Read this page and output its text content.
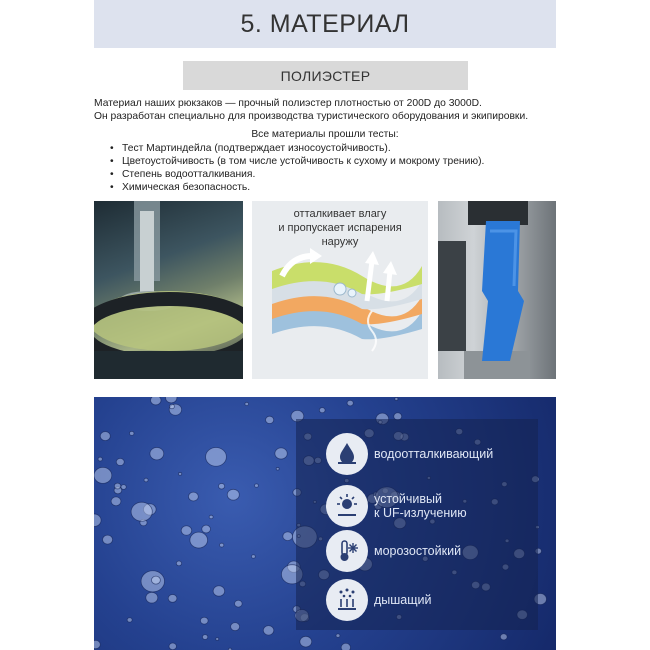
5. МАТЕРИАЛ
ПОЛИЭСТЕР
Материал наших рюкзаков — прочный полиэстер плотностью от 200D до 3000D.
Он разработан специально для производства туристического оборудования и экипировки.
Все материалы прошли тесты:
• Тест Мартиндейла (подтверждает износоустойчивость).
• Цветоустойчивость (в том числе устойчивость к сухому и мокрому трению).
• Степень водоотталкивания.
• Химическая безопасность.
отталкивает влагу
и пропускает испарения
наружу
водоотталкивающий
устойчивый
к UF-излучению
морозостойкий
дышащий
